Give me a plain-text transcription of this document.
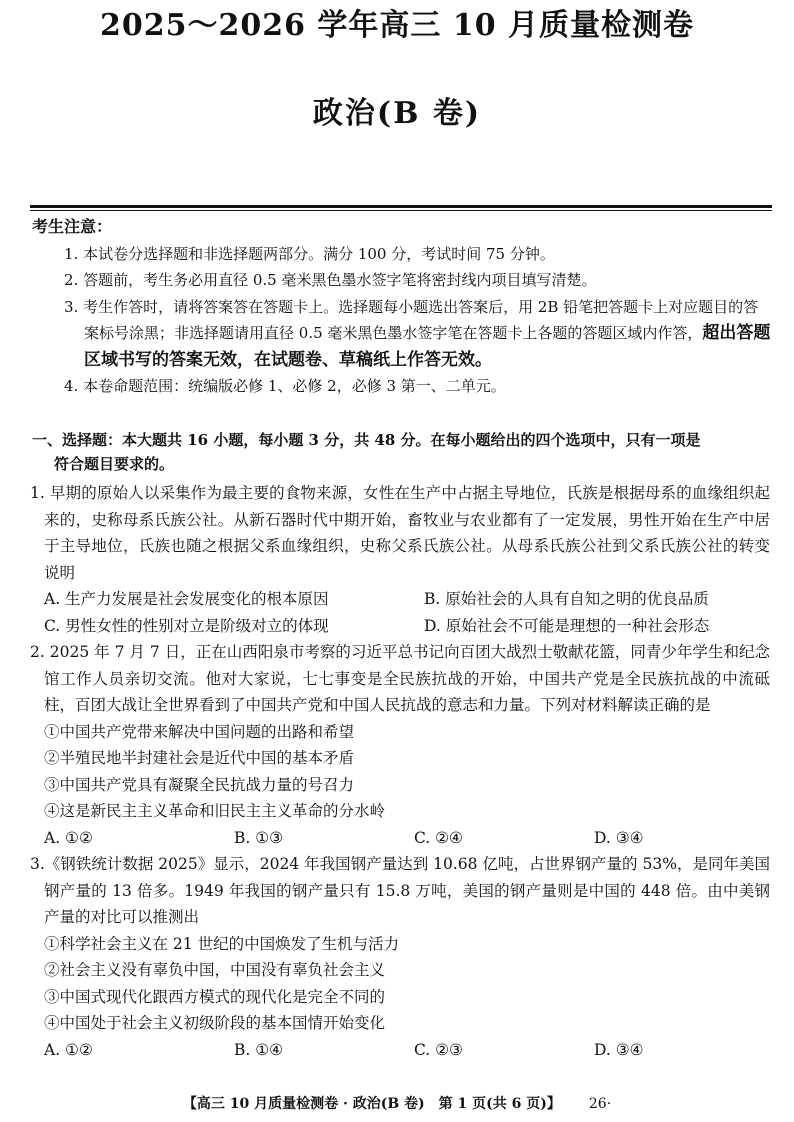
2025～2026 学年高三 10 月质量检测卷
政治(B 卷)
考生注意：
1. 本试卷分选择题和非选择题两部分。满分 100 分，考试时间 75 分钟。
2. 答题前，考生务必用直径 0.5 毫米黑色墨水签字笔将密封线内项目填写清楚。
3. 考生作答时，请将答案答在答题卡上。选择题每小题选出答案后，用 2B 铅笔把答题卡上对应题目的答案标号涂黑；非选择题请用直径 0.5 毫米黑色墨水签字笔在答题卡上各题的答题区域内作答，超出答题区域书写的答案无效，在试题卷、草稿纸上作答无效。
4. 本卷命题范围：统编版必修 1、必修 2，必修 3 第一、二单元。
一、选择题：本大题共 16 小题，每小题 3 分，共 48 分。在每小题给出的四个选项中，只有一项是
符合题目要求的。
1. 早期的原始人以采集作为最主要的食物来源，女性在生产中占据主导地位，氏族是根据母系的血缘组织起来的，史称母系氏族公社。从新石器时代中期开始，畜牧业与农业都有了一定发展，男性开始在生产中居于主导地位，氏族也随之根据父系血缘组织，史称父系氏族公社。从母系氏族公社到父系氏族公社的转变说明
A. 生产力发展是社会发展变化的根本原因	B. 原始社会的人具有自知之明的优良品质
C. 男性女性的性别对立是阶级对立的体现	D. 原始社会不可能是理想的一种社会形态
2. 2025 年 7 月 7 日，正在山西阳泉市考察的习近平总书记向百团大战烈士敬献花篮，同青少年学生和纪念馆工作人员亲切交流。他对大家说，七七事变是全民族抗战的开始，中国共产党是全民族抗战的中流砥柱，百团大战让全世界看到了中国共产党和中国人民抗战的意志和力量。下列对材料解读正确的是
①中国共产党带来解决中国问题的出路和希望
②半殖民地半封建社会是近代中国的基本矛盾
③中国共产党具有凝聚全民抗战力量的号召力
④这是新民主主义革命和旧民主主义革命的分水岭
A. ①②	B. ①③	C. ②④	D. ③④
3.《钢铁统计数据 2025》显示，2024 年我国钢产量达到 10.68 亿吨，占世界钢产量的 53%，是同年美国钢产量的 13 倍多。1949 年我国的钢产量只有 15.8 万吨，美国的钢产量则是中国的 448 倍。由中美钢产量的对比可以推测出
①科学社会主义在 21 世纪的中国焕发了生机与活力
②社会主义没有辜负中国，中国没有辜负社会主义
③中国式现代化跟西方模式的现代化是完全不同的
④中国处于社会主义初级阶段的基本国情开始变化
A. ①②	B. ①④	C. ②③	D. ③④
【高三 10 月质量检测卷 · 政治(B 卷)　第 1 页(共 6 页)】 26·
